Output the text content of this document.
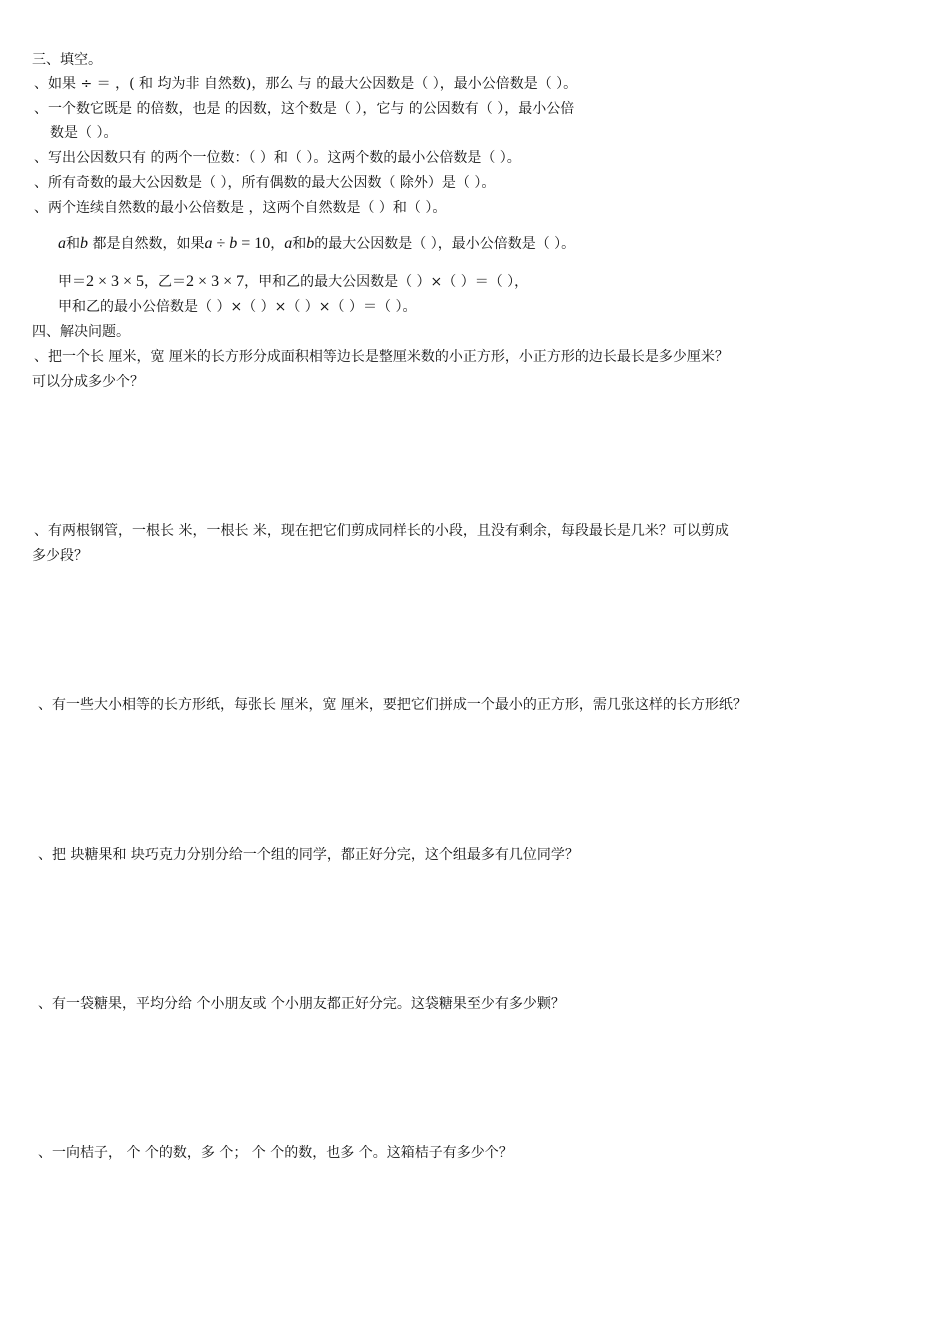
三、填空。
、如果 ÷ ＝ ，( 和 均为非 自然数)，那么 与 的最大公因数是（ ），最小公倍数是（ ）。
、一个数它既是 的倍数，也是 的因数，这个数是（ ），它与 的公因数有（ ），最小公倍
数是（ ）。
、写出公因数只有 的两个一位数：（ ）和（ ）。这两个数的最小公倍数是（ ）。
、所有奇数的最大公因数是（ ），所有偶数的最大公因数（ 除外）是（ ）。
、两个连续自然数的最小公倍数是 ，这两个自然数是（ ）和（ ）。
a和b 都是自然数，如果a ÷ b = 10，a和b的最大公因数是（ ），最小公倍数是（ ）。
甲＝2 × 3 × 5，乙＝2 × 3 × 7，甲和乙的最大公因数是（ ）×（ ）＝（ ），
甲和乙的最小公倍数是（ ）×（ ）×（ ）×（ ）＝（ ）。
四、解决问题。
、把一个长 厘米，宽 厘米的长方形分成面积相等边长是整厘米数的小正方形，小正方形的边长最长是多少厘米？
可以分成多少个？
、有两根钢管，一根长 米，一根长 米，现在把它们剪成同样长的小段，且没有剩余，每段最长是几米？可以剪成
多少段？
、有一些大小相等的长方形纸，每张长 厘米，宽 厘米，要把它们拼成一个最小的正方形，需几张这样的长方形纸？
、把 块糖果和 块巧克力分别分给一个组的同学，都正好分完，这个组最多有几位同学？
、有一袋糖果，平均分给 个小朋友或 个小朋友都正好分完。这袋糖果至少有多少颗？
、一向桔子， 个 个的数，多 个； 个 个的数，也多 个。这箱桔子有多少个？
